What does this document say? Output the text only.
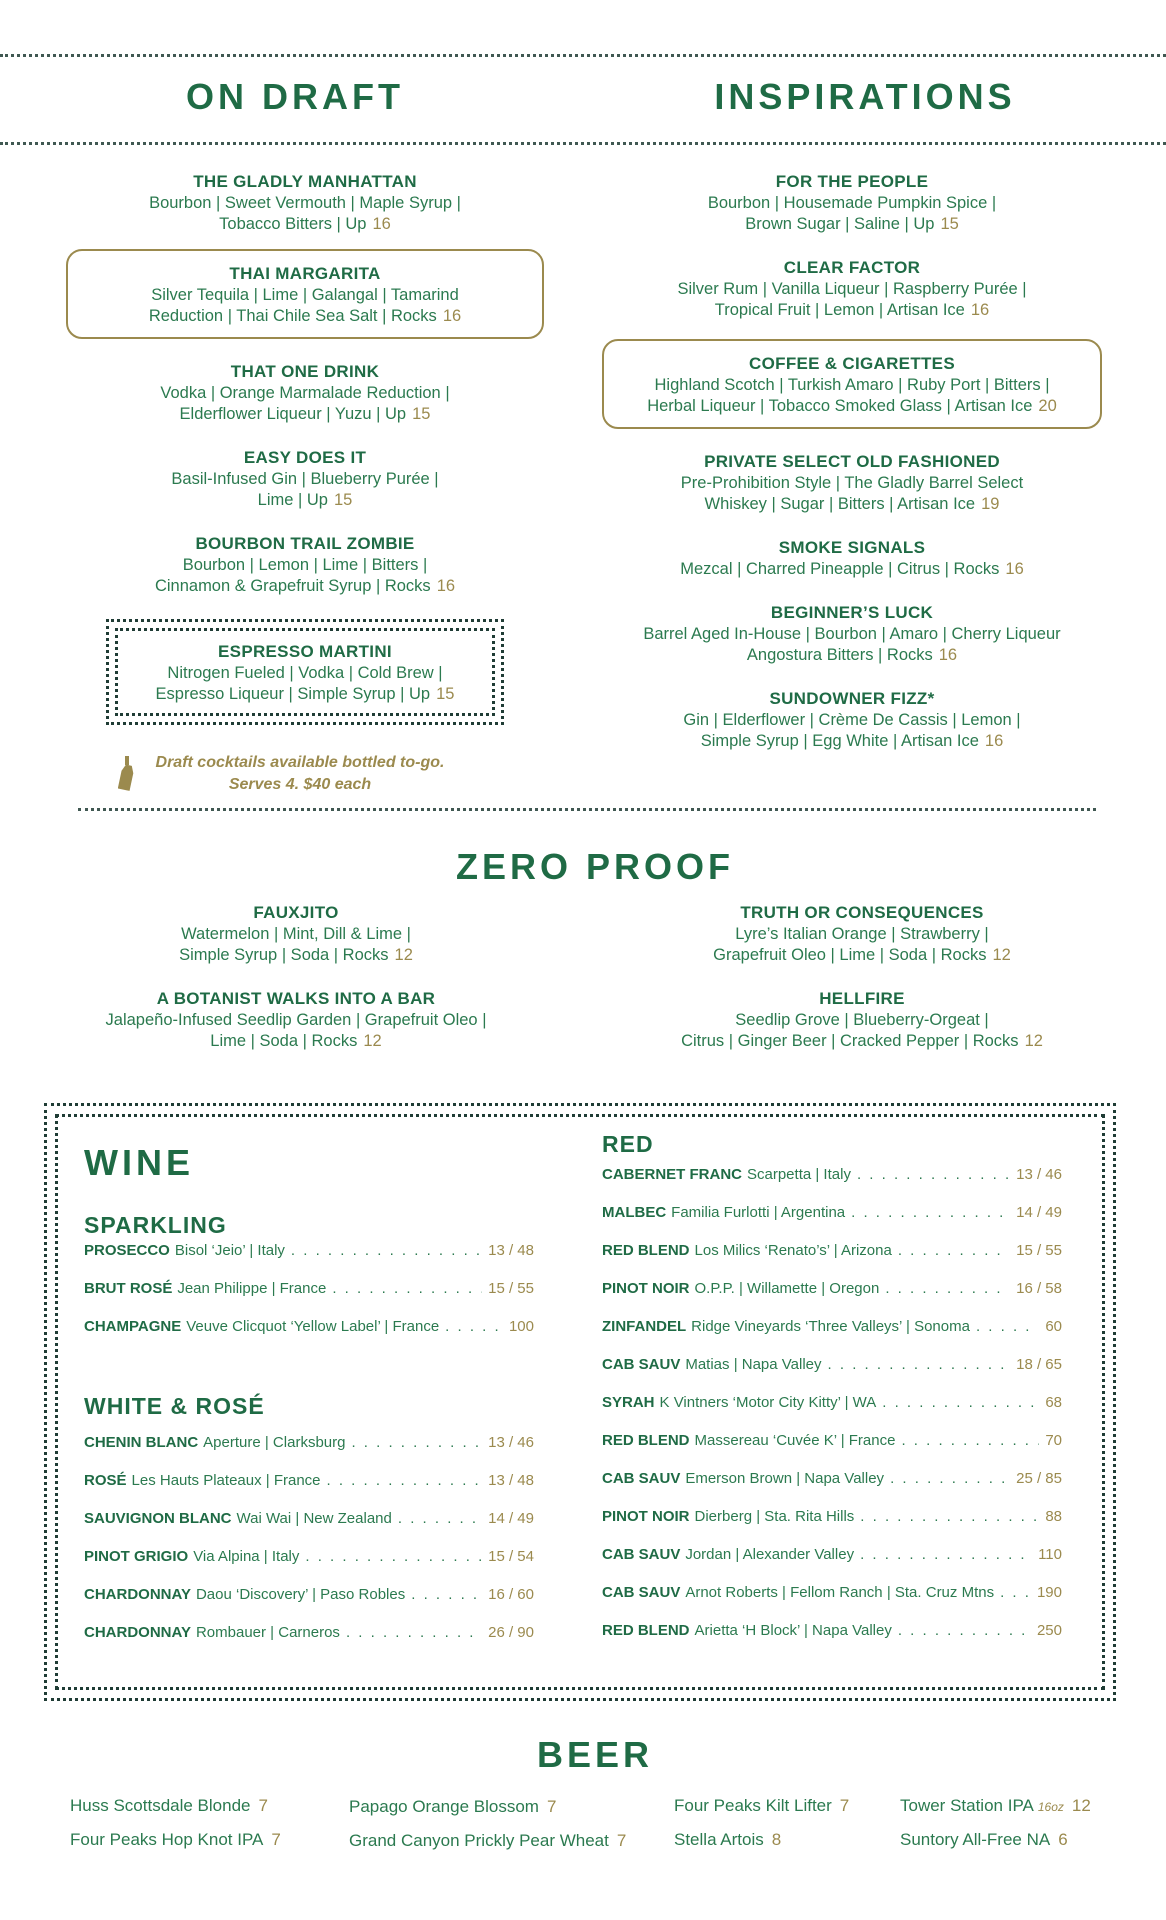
ON DRAFT	INSPIRATIONS
THE GLADLY MANHATTAN
Bourbon | Sweet Vermouth | Maple Syrup |
Tobacco Bitters | Up 16
THAI MARGARITA
Silver Tequila | Lime | Galangal | Tamarind
Reduction | Thai Chile Sea Salt | Rocks 16
THAT ONE DRINK
Vodka | Orange Marmalade Reduction |
Elderflower Liqueur | Yuzu | Up 15
EASY DOES IT
Basil-Infused Gin | Blueberry Purée |
Lime | Up 15
BOURBON TRAIL ZOMBIE
Bourbon | Lemon | Lime | Bitters |
Cinnamon & Grapefruit Syrup | Rocks 16
ESPRESSO MARTINI
Nitrogen Fueled | Vodka | Cold Brew |
Espresso Liqueur | Simple Syrup | Up 15
Draft cocktails available bottled to-go.
Serves 4. $40 each
FOR THE PEOPLE
Bourbon | Housemade Pumpkin Spice |
Brown Sugar | Saline | Up 15
CLEAR FACTOR
Silver Rum | Vanilla Liqueur | Raspberry Purée |
Tropical Fruit | Lemon | Artisan Ice 16
COFFEE & CIGARETTES
Highland Scotch | Turkish Amaro | Ruby Port | Bitters |
Herbal Liqueur | Tobacco Smoked Glass | Artisan Ice 20
PRIVATE SELECT OLD FASHIONED
Pre-Prohibition Style | The Gladly Barrel Select
Whiskey | Sugar | Bitters | Artisan Ice 19
SMOKE SIGNALS
Mezcal | Charred Pineapple | Citrus | Rocks 16
BEGINNER’S LUCK
Barrel Aged In-House | Bourbon | Amaro | Cherry Liqueur
Angostura Bitters | Rocks 16
SUNDOWNER FIZZ*
Gin | Elderflower | Crème De Cassis | Lemon |
Simple Syrup | Egg White | Artisan Ice 16
ZERO PROOF
FAUXJITO
Watermelon | Mint, Dill & Lime |
Simple Syrup | Soda | Rocks 12
A BOTANIST WALKS INTO A BAR
Jalapeño-Infused Seedlip Garden | Grapefruit Oleo |
Lime | Soda | Rocks 12
TRUTH OR CONSEQUENCES
Lyre’s Italian Orange | Strawberry |
Grapefruit Oleo | Lime | Soda | Rocks 12
HELLFIRE
Seedlip Grove | Blueberry-Orgeat |
Citrus | Ginger Beer | Cracked Pepper | Rocks 12
WINE
SPARKLING
PROSECCO Bisol ‘Jeio’ | Italy . . .	13 / 48
BRUT ROSÉ Jean Philippe | France . . .	15 / 55
CHAMPAGNE Veuve Clicquot ‘Yellow Label’ | France . . .	100
WHITE & ROSÉ
CHENIN BLANC Aperture | Clarksburg . . .	13 / 46
ROSÉ Les Hauts Plateaux | France . . .	13 / 48
SAUVIGNON BLANC Wai Wai | New Zealand . . .	14 / 49
PINOT GRIGIO Via Alpina | Italy . . .	15 / 54
CHARDONNAY Daou ‘Discovery’ | Paso Robles . . .	16 / 60
CHARDONNAY Rombauer | Carneros . . .	26 / 90
RED
CABERNET FRANC Scarpetta | Italy . . .	13 / 46
MALBEC Familia Furlotti | Argentina . . .	14 / 49
RED BLEND Los Milics ‘Renato’s’ | Arizona . . .	15 / 55
PINOT NOIR O.P.P. | Willamette | Oregon . . .	16 / 58
ZINFANDEL Ridge Vineyards ‘Three Valleys’ | Sonoma . . .	60
CAB SAUV Matias | Napa Valley . . .	18 / 65
SYRAH K Vintners ‘Motor City Kitty’ | WA . . .	68
RED BLEND Massereau ‘Cuvée K’ | France . . .	70
CAB SAUV Emerson Brown | Napa Valley . . .	25 / 85
PINOT NOIR Dierberg | Sta. Rita Hills . . .	88
CAB SAUV Jordan | Alexander Valley . . .	110
CAB SAUV Arnot Roberts | Fellom Ranch | Sta. Cruz Mtns . . .	190
RED BLEND Arietta ‘H Block’ | Napa Valley . . .	250
BEER
Huss Scottsdale Blonde 7
Four Peaks Hop Knot IPA 7
Papago Orange Blossom 7
Grand Canyon Prickly Pear Wheat 7
Four Peaks Kilt Lifter 7
Stella Artois 8
Tower Station IPA 16oz 12
Suntory All-Free NA 6
